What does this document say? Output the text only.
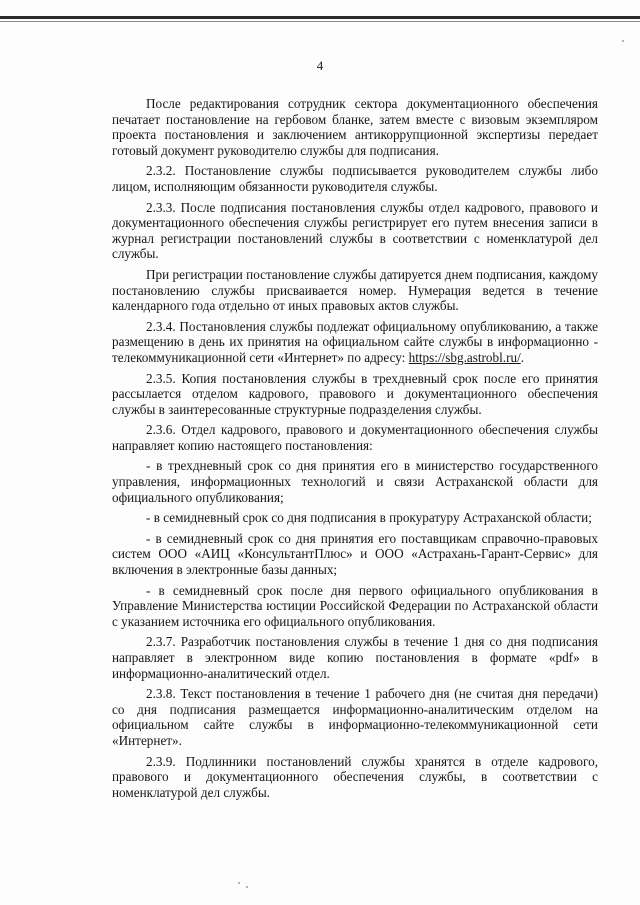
4

После редактирования сотрудник сектора документационного обеспечения печатает постановление на гербовом бланке, затем вместе с визовым экземпляром проекта постановления и заключением антикоррупционной экспертизы передает готовый документ руководителю службы для подписания.

2.3.2. Постановление службы подписывается руководителем службы либо лицом, исполняющим обязанности руководителя службы.

2.3.3. После подписания постановления службы отдел кадрового, правового и документационного обеспечения службы регистрирует его путем внесения записи в журнал регистрации постановлений службы в соответствии с номенклатурой дел службы.

При регистрации постановление службы датируется днем подписания, каждому постановлению службы присваивается номер. Нумерация ведется в течение календарного года отдельно от иных правовых актов службы.

2.3.4. Постановления службы подлежат официальному опубликованию, а также размещению в день их принятия на официальном сайте службы в информационно - телекоммуникационной сети «Интернет» по адресу: https://sbg.astrobl.ru/.

2.3.5. Копия постановления службы в трехдневный срок после его принятия рассылается отделом кадрового, правового и документационного обеспечения службы в заинтересованные структурные подразделения службы.

2.3.6. Отдел кадрового, правового и документационного обеспечения службы направляет копию настоящего постановления:

- в трехдневный срок со дня принятия его в министерство государственного управления, информационных технологий и связи Астраханской области для официального опубликования;

- в семидневный срок со дня подписания в прокуратуру Астраханской области;

- в семидневный срок со дня принятия его поставщикам справочно-правовых систем ООО «АИЦ «КонсультантПлюс» и ООО «Астрахань-Гарант-Сервис» для включения в электронные базы данных;

- в семидневный срок после дня первого официального опубликования в Управление Министерства юстиции Российской Федерации по Астраханской области с указанием источника его официального опубликования.

2.3.7. Разработчик постановления службы в течение 1 дня со дня подписания направляет в электронном виде копию постановления в формате «pdf» в информационно-аналитический отдел.

2.3.8. Текст постановления в течение 1 рабочего дня (не считая дня передачи) со дня подписания размещается информационно-аналитическим отделом на официальном сайте службы в информационно-телекоммуникационной сети «Интернет».

2.3.9. Подлинники постановлений службы хранятся в отделе кадрового, правового и документационного обеспечения службы, в соответствии с номенклатурой дел службы.
